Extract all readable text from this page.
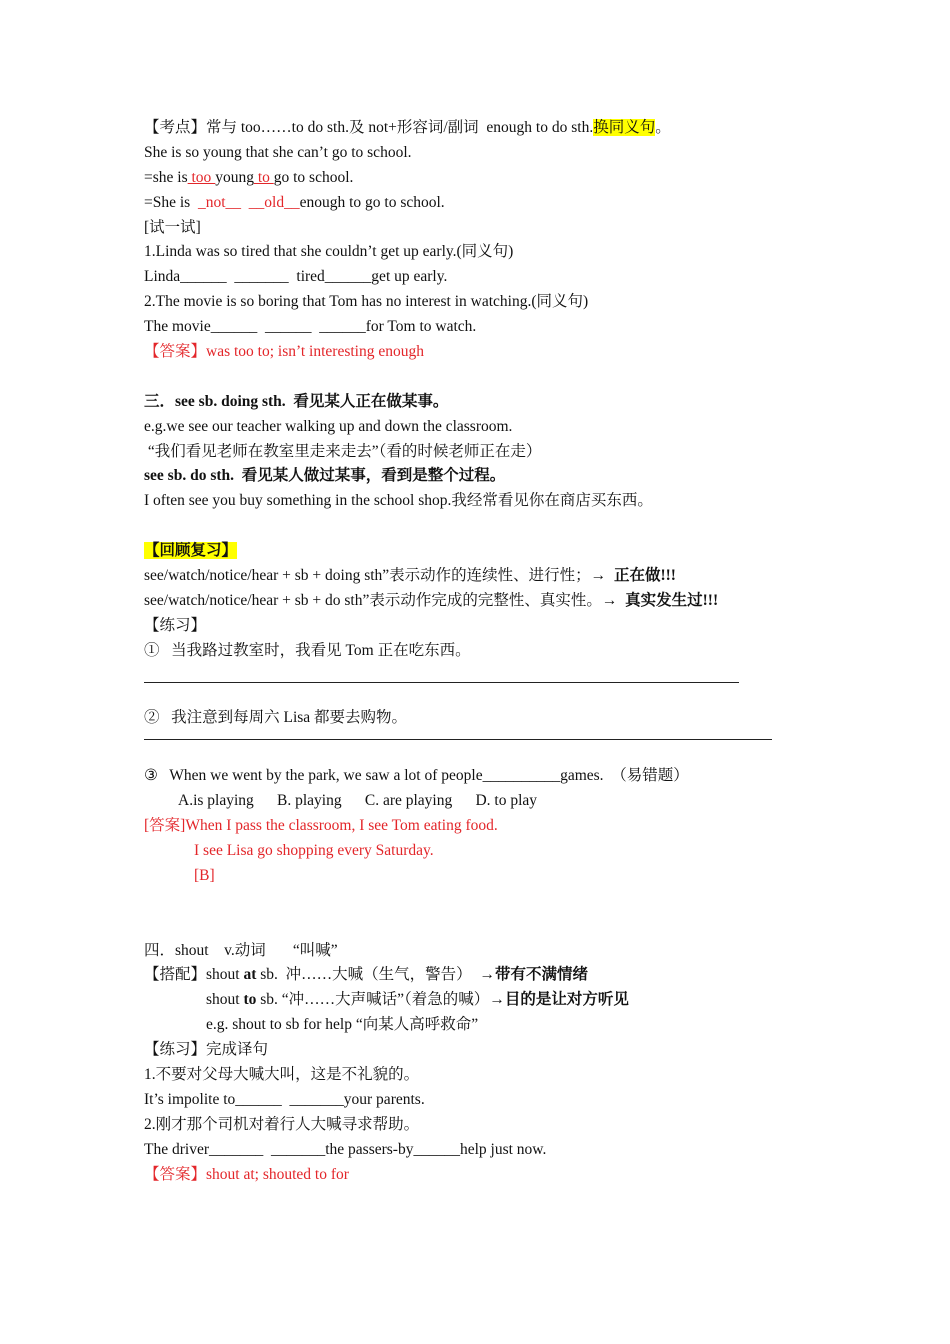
【考点】常与 too……to do sth.及 not+形容词/副词  enough to do sth.换同义句。
She is so young that she can’t go to school.
=she is too young to go to school.
=She is  _not__ __old__enough to go to school.
[试一试]
1.Linda was so tired that she couldn’t get up early.(同义句)
Linda______  _______  tired______get up early.
2.The movie is so boring that Tom has no interest in watching.(同义句)
The movie______  ______  ______for Tom to watch.
【答案】was too to; isn’t interesting enough
三．see sb. doing sth.  看见某人正在做某事。
e.g.we see our teacher walking up and down the classroom.
“我们看见老师在教室里走来走去”（看的时候老师正在走）
see sb. do sth.  看见某人做过某事，看到是整个过程。
I often see you buy something in the school shop.我经常看见你在商店买东西。
【回顾复习】
see/watch/notice/hear + sb + doing sth”表示动作的连续性、进行性；→  正在做!!!
see/watch/notice/hear + sb + do sth”表示动作完成的完整性、真实性。→  真实发生过!!!
【练习】
①   当我路过教室时，我看见 Tom 正在吃东西。
②   我注意到每周六 Lisa 都要去购物。
③   When we went by the park, we saw a lot of people__________games.  （易错题）
A.is playing      B. playing      C. are playing      D. to play
[答案]When I pass the classroom, I see Tom eating food.
I see Lisa go shopping every Saturday.
[B]
四．shout    v.动词       “叫喊”
【搭配】shout at sb.  冲……大喊（生气，警告）  →带有不满情绪
shout to sb. “冲……大声喊话”（着急的喊）→目的是让对方听见
e.g. shout to sb for help “向某人高呼救命”
【练习】完成译句
1.不要对父母大喊大叫，这是不礼貌的。
It’s impolite to______  _______your parents.
2.刚才那个司机对着行人大喊寻求帮助。
The driver_______  _______the passers-by______help just now.
【答案】shout at; shouted to for
